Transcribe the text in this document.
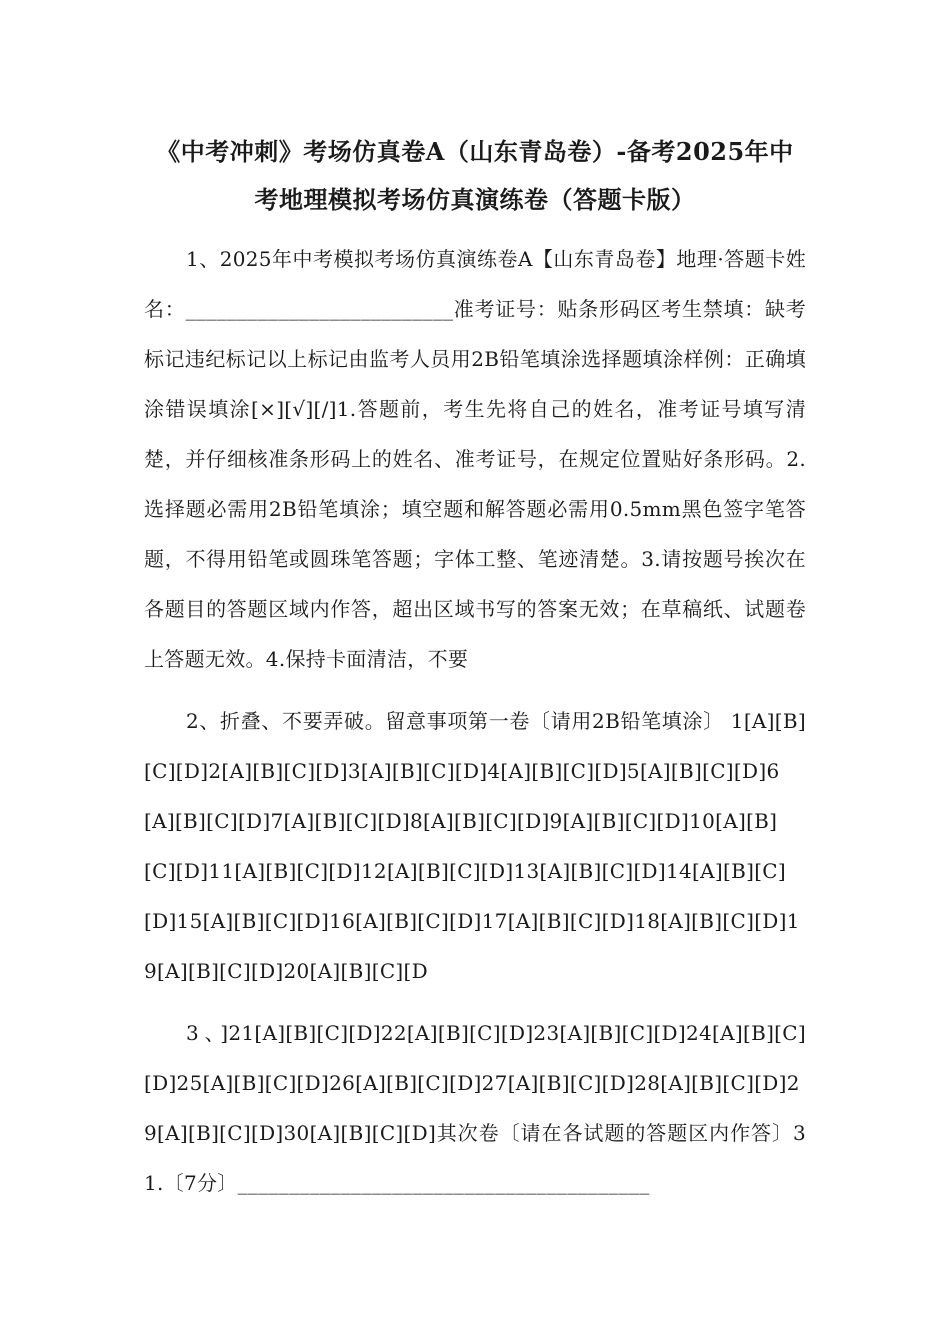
《中考冲刺》考场仿真卷A（山东青岛卷）-备考2025年中
考地理模拟考场仿真演练卷（答题卡版）

1、2025年中考模拟考场仿真演练卷A【山东青岛卷】地理·答题卡姓名：__________________________准考证号：贴条形码区考生禁填：缺考标记违纪标记以上标记由监考人员用2B铅笔填涂选择题填涂样例：正确填涂错误填涂[×][√][/]1.答题前，考生先将自己的姓名，准考证号填写清楚，并仔细核准条形码上的姓名、准考证号，在规定位置贴好条形码。2.选择题必需用2B铅笔填涂；填空题和解答题必需用0.5mm黑色签字笔答题，不得用铅笔或圆珠笔答题；字体工整、笔迹清楚。3.请按题号挨次在各题目的答题区域内作答，超出区域书写的答案无效；在草稿纸、试题卷上答题无效。4.保持卡面清洁，不要

2、折叠、不要弄破。留意事项第一卷〔请用2B铅笔填涂〕 1[A][B][C][D]2[A][B][C][D]3[A][B][C][D]4[A][B][C][D]5[A][B][C][D]6[A][B][C][D]7[A][B][C][D]8[A][B][C][D]9[A][B][C][D]10[A][B][C][D]11[A][B][C][D]12[A][B][C][D]13[A][B][C][D]14[A][B][C][D]15[A][B][C][D]16[A][B][C][D]17[A][B][C][D]18[A][B][C][D]19[A][B][C][D]20[A][B][C][D

3、]21[A][B][C][D]22[A][B][C][D]23[A][B][C][D]24[A][B][C][D]25[A][B][C][D]26[A][B][C][D]27[A][B][C][D]28[A][B][C][D]29[A][B][C][D]30[A][B][C][D]其次卷〔请在各试题的答题区内作答〕31.〔7分〕________________________________________
